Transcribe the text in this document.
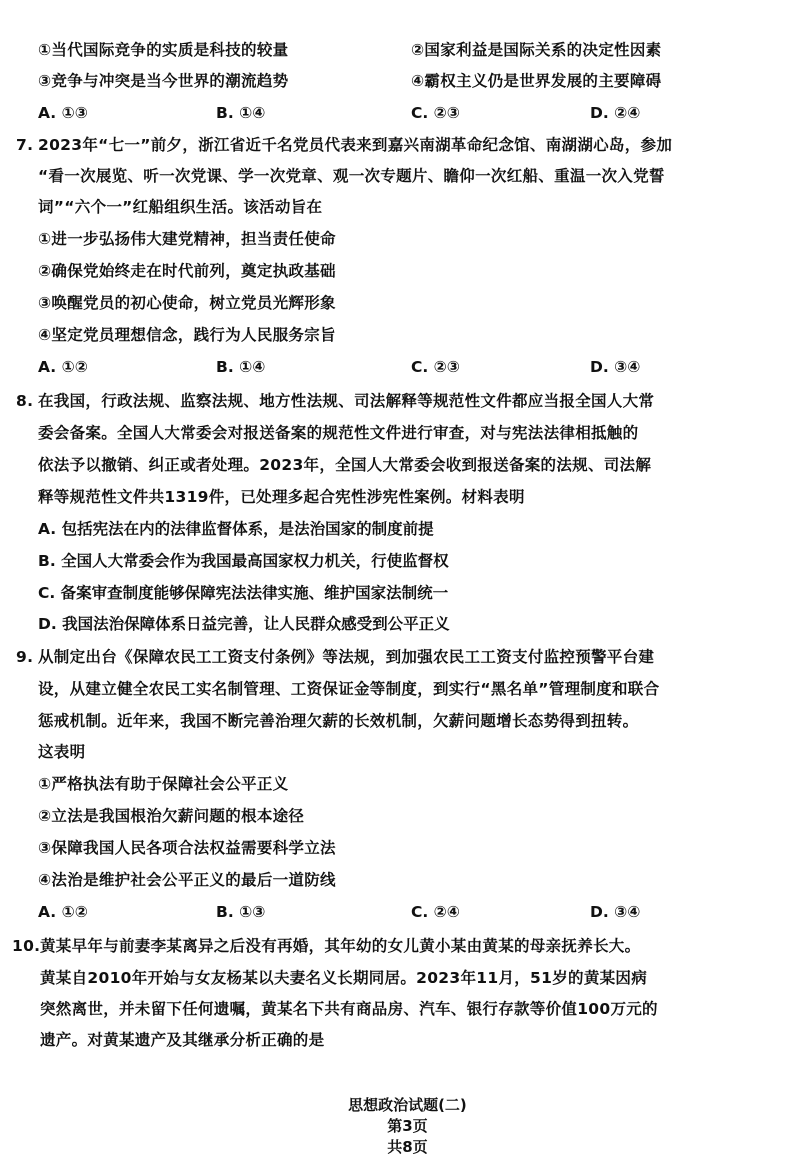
①当代国际竞争的实质是科技的较量	②国家利益是国际关系的决定性因素
③竞争与冲突是当今世界的潮流趋势	④霸权主义仍是世界发展的主要障碍
A. ①③	B. ①④	C. ②③	D. ②④
7. 2023年“七一”前夕，浙江省近千名党员代表来到嘉兴南湖革命纪念馆、南湖湖心岛，参加
“看一次展览、听一次党课、学一次党章、观一次专题片、瞻仰一次红船、重温一次入党誓
词”“六个一”红船组织生活。该活动旨在
①进一步弘扬伟大建党精神，担当责任使命
②确保党始终走在时代前列，奠定执政基础
③唤醒党员的初心使命，树立党员光辉形象
④坚定党员理想信念，践行为人民服务宗旨
A. ①②	B. ①④	C. ②③	D. ③④
8. 在我国，行政法规、监察法规、地方性法规、司法解释等规范性文件都应当报全国人大常
委会备案。全国人大常委会对报送备案的规范性文件进行审查，对与宪法法律相抵触的
依法予以撤销、纠正或者处理。2023年，全国人大常委会收到报送备案的法规、司法解
释等规范性文件共1319件，已处理多起合宪性涉宪性案例。材料表明
A. 包括宪法在内的法律监督体系，是法治国家的制度前提
B. 全国人大常委会作为我国最高国家权力机关，行使监督权
C. 备案审查制度能够保障宪法法律实施、维护国家法制统一
D. 我国法治保障体系日益完善，让人民群众感受到公平正义
9. 从制定出台《保障农民工工资支付条例》等法规，到加强农民工工资支付监控预警平台建
设，从建立健全农民工实名制管理、工资保证金等制度，到实行“黑名单”管理制度和联合
惩戒机制。近年来，我国不断完善治理欠薪的长效机制，欠薪问题增长态势得到扭转。
这表明
①严格执法有助于保障社会公平正义
②立法是我国根治欠薪问题的根本途径
③保障我国人民各项合法权益需要科学立法
④法治是维护社会公平正义的最后一道防线
A. ①②	B. ①③	C. ②④	D. ③④
10. 黄某早年与前妻李某离异之后没有再婚，其年幼的女儿黄小某由黄某的母亲抚养长大。
黄某自2010年开始与女友杨某以夫妻名义长期同居。2023年11月，51岁的黄某因病
突然离世，并未留下任何遗嘱，黄某名下共有商品房、汽车、银行存款等价值100万元的
遗产。对黄某遗产及其继承分析正确的是

思想政治试题(二)
第3页
共8页
